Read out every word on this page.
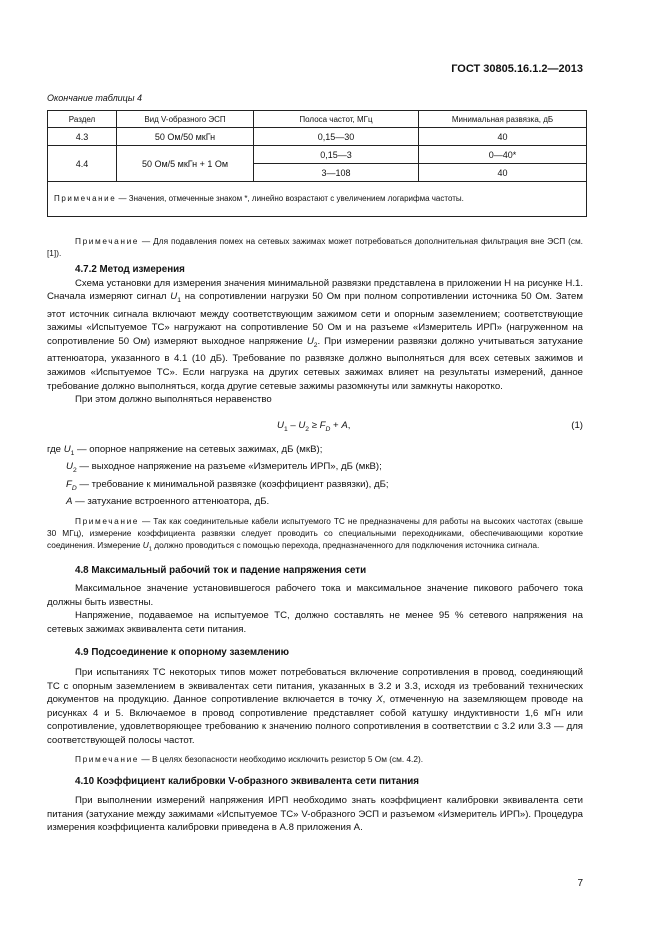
ГОСТ 30805.16.1.2—2013
Окончание таблицы 4
Раздел	Вид V-образного ЭСП	Полоса частот, МГц	Минимальная развязка, дБ
4.3	50 Ом/50 мкГн	0,15—30	40
4.4	50 Ом/5 мкГн + 1 Ом	0,15—3	0—40*
		3—108	40
Примечание — Значения, отмеченные знаком *, линейно возрастают с увеличением логарифма частоты.			

Примечание — Для подавления помех на сетевых зажимах может потребоваться дополнительная фильтрация вне ЭСП (см. [1]).

4.7.2 Метод измерения

Схема установки для измерения значения минимальной развязки представлена в приложении Н на рисунке Н.1. Сначала измеряют сигнал $U_1$ на сопротивлении нагрузки 50 Ом при полном сопротивлении источника 50 Ом. Затем этот источник сигнала включают между соответствующим зажимом сети и опорным заземлением; соответствующие зажимы «Испытуемое ТС» нагружают на сопротивление 50 Ом и на разъеме «Измеритель ИРП» (нагруженном на сопротивление 50 Ом) измеряют выходное напряжение $U_2$. При измерении развязки должно учитываться затухание аттенюатора, указанного в 4.1 (10 дБ). Требование по развязке должно выполняться для всех сетевых зажимов и зажимов «Испытуемое ТС». Если нагрузка на других сетевых зажимах влияет на результаты измерений, данное требование должно выполняться, когда другие сетевые зажимы разомкнуты или замкнуты накоротко.

При этом должно выполняться неравенство

$U_1 - U_2 \ge F_D + A$,	(1)
где $U_1$ — опорное напряжение на сетевых зажимах, дБ (мкВ);
$U_2$ — выходное напряжение на разъеме «Измеритель ИРП», дБ (мкВ);
$F_D$ — требование к минимальной развязке (коэффициент развязки), дБ;
A — затухание встроенного аттенюатора, дБ.

Примечание — Так как соединительные кабели испытуемого ТС не предназначены для работы на высоких частотах (свыше 30 МГц), измерение коэффициента развязки следует проводить со специальными переходниками, обеспечивающими короткие соединения. Измерение $U_1$ должно проводиться с помощью перехода, предназначенного для подключения источника сигнала.

4.8 Максимальный рабочий ток и падение напряжения сети

Максимальное значение установившегося рабочего тока и максимальное значение пикового рабочего тока должны быть известны.

Напряжение, подаваемое на испытуемое ТС, должно составлять не менее 95 % сетевого напряжения на сетевых зажимах эквивалента сети питания.

4.9 Подсоединение к опорному заземлению

При испытаниях ТС некоторых типов может потребоваться включение сопротивления в провод, соединяющий ТС с опорным заземлением в эквивалентах сети питания, указанных в 3.2 и 3.3, исходя из требований технических документов на продукцию. Данное сопротивление включается в точку X, отмеченную на заземляющем проводе на рисунках 4 и 5. Включаемое в провод сопротивление представляет собой катушку индуктивности 1,6 мГн или сопротивление, удовлетворяющее требованию к значению полного сопротивления в соответствии с 3.2 или 3.3 — для соответствующей полосы частот.

Примечание — В целях безопасности необходимо исключить резистор 5 Ом (см. 4.2).

4.10 Коэффициент калибровки V-образного эквивалента сети питания

При выполнении измерений напряжения ИРП необходимо знать коэффициент калибровки эквивалента сети питания (затухание между зажимами «Испытуемое ТС» V-образного ЭСП и разъемом «Измеритель ИРП»). Процедура измерения коэффициента калибровки приведена в А.8 приложения А.

7
